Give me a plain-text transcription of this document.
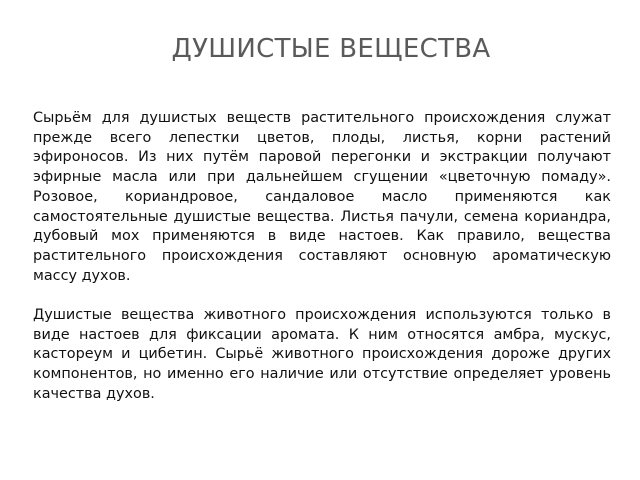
ДУШИСТЫЕ ВЕЩЕСТВА

Сырьём для душистых веществ растительного происхождения служат прежде всего лепестки цветов, плоды, листья, корни растений эфироносов. Из них путём паровой перегонки и экстракции получают эфирные масла или при дальнейшем сгущении «цветочную помаду». Розовое, кориандровое, сандаловое масло применяются как самостоятельные душистые вещества. Листья пачули, семена кориандра, дубовый мох применяются в виде настоев. Как правило, вещества растительного происхождения составляют основную ароматическую массу духов.

Душистые вещества животного происхождения используются только в виде настоев для фиксации аромата. К ним относятся амбра, мускус, кастореум и цибетин. Сырьё животного происхождения дороже других компонентов, но именно его наличие или отсутствие определяет уровень качества духов.
